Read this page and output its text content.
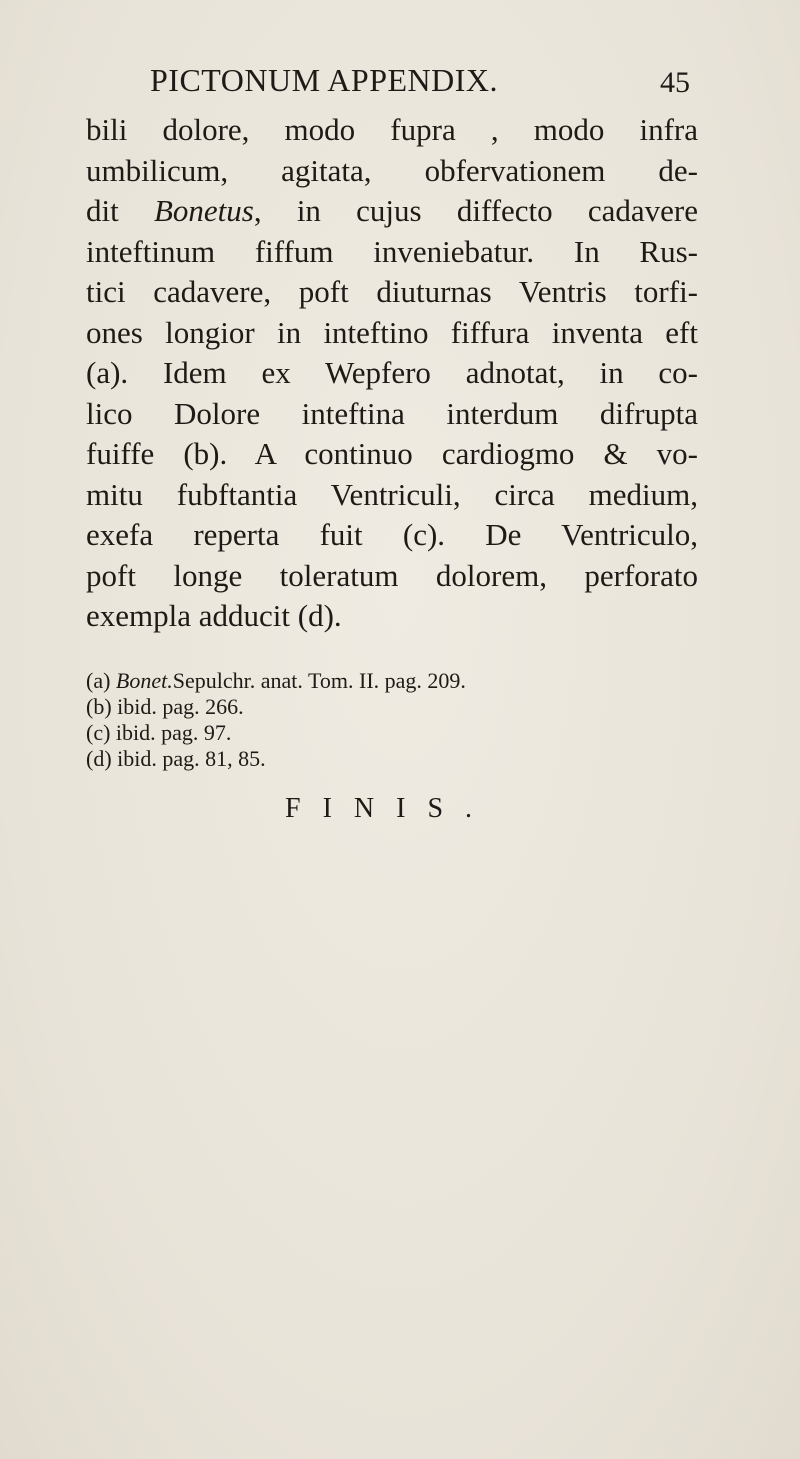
PICTONUM APPENDIX.	45
bili dolore, modo fupra , modo infra
umbilicum, agitata, obfervationem de-
dit Bonetus, in cujus diffecto cadavere
inteftinum fiffum inveniebatur. In Rus-
tici cadavere, poft diuturnas Ventris torfi-
ones longior in inteftino fiffura inventa eft
(a). Idem ex Wepfero adnotat, in co-
lico Dolore inteftina interdum difrupta
fuiffe (b). A continuo cardiogmo & vo-
mitu fubftantia Ventriculi, circa medium,
exefa reperta fuit (c). De Ventriculo,
poft longe toleratum dolorem, perforato
exempla adducit (d).
(a) Bonet.Sepulchr. anat. Tom. II. pag. 209.
(b) ibid. pag. 266.
(c) ibid. pag. 97.
(d) ibid. pag. 81, 85.
FINIS.
